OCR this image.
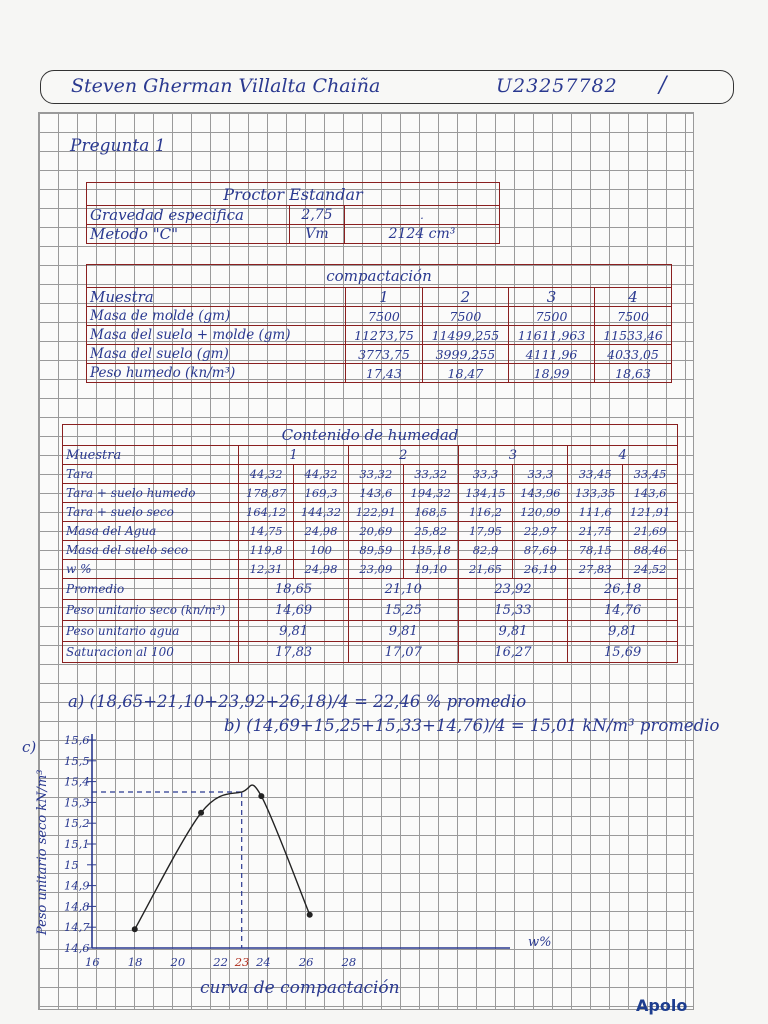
Steven Gherman Villalta Chaiña	U23257782 /
Pregunta 1
Proctor Estandar		
Gravedad especifica	2,75	.
Metodo "C"	Vm	2124 cm³
compactación				
Muestra	1	2	3	4
Masa de molde (gm)	7500	7500	7500	7500
Masa del suelo + molde (gm)	11273,75	11499,255	11611,963	11533,46
Masa del suelo (gm)	3773,75	3999,255	4111,96	4033,05
Peso humedo (kn/m³)	17,43	18,47	18,99	18,63
Contenido de humedad								
Muestra	1		2		3		4	
Tara	44,32	44,32	33,32	33,32	33,3	33,3	33,45	33,45
Tara + suelo humedo	178,87	169,3	143,6	194,32	134,15	143,96	133,35	143,6
Tara + suelo seco	164,12	144,32	122,91	168,5	116,2	120,99	111,6	121,91
Masa del Agua	14,75	24,98	20,69	25,82	17,95	22,97	21,75	21,69
Masa del suelo seco	119,8	100	89,59	135,18	82,9	87,69	78,15	88,46
w %	12,31	24,98	23,09	19,10	21,65	26,19	27,83	24,52
Promedio	18,65		21,10		23,92		26,18	
Peso unitario seco (kn/m³)	14,69		15,25		15,33		14,76	
Peso unitario agua	9,81		9,81		9,81		9,81	
Saturacion al 100	17,83		17,07		16,27		15,69	
a) (18,65+21,10+23,92+26,18)/4 = 22,46 % promedio
b) (14,69+15,25+15,33+14,76)/4 = 15,01 kN/m³ promedio
c)
14,6
14,7
14,8
14,9
15
15,1
15,2
15,3
15,4
15,5
15,6
16 18 20 22 23 24 26 28
Peso unitario seco kN/m³
w%
curva de compactación
Apolo
